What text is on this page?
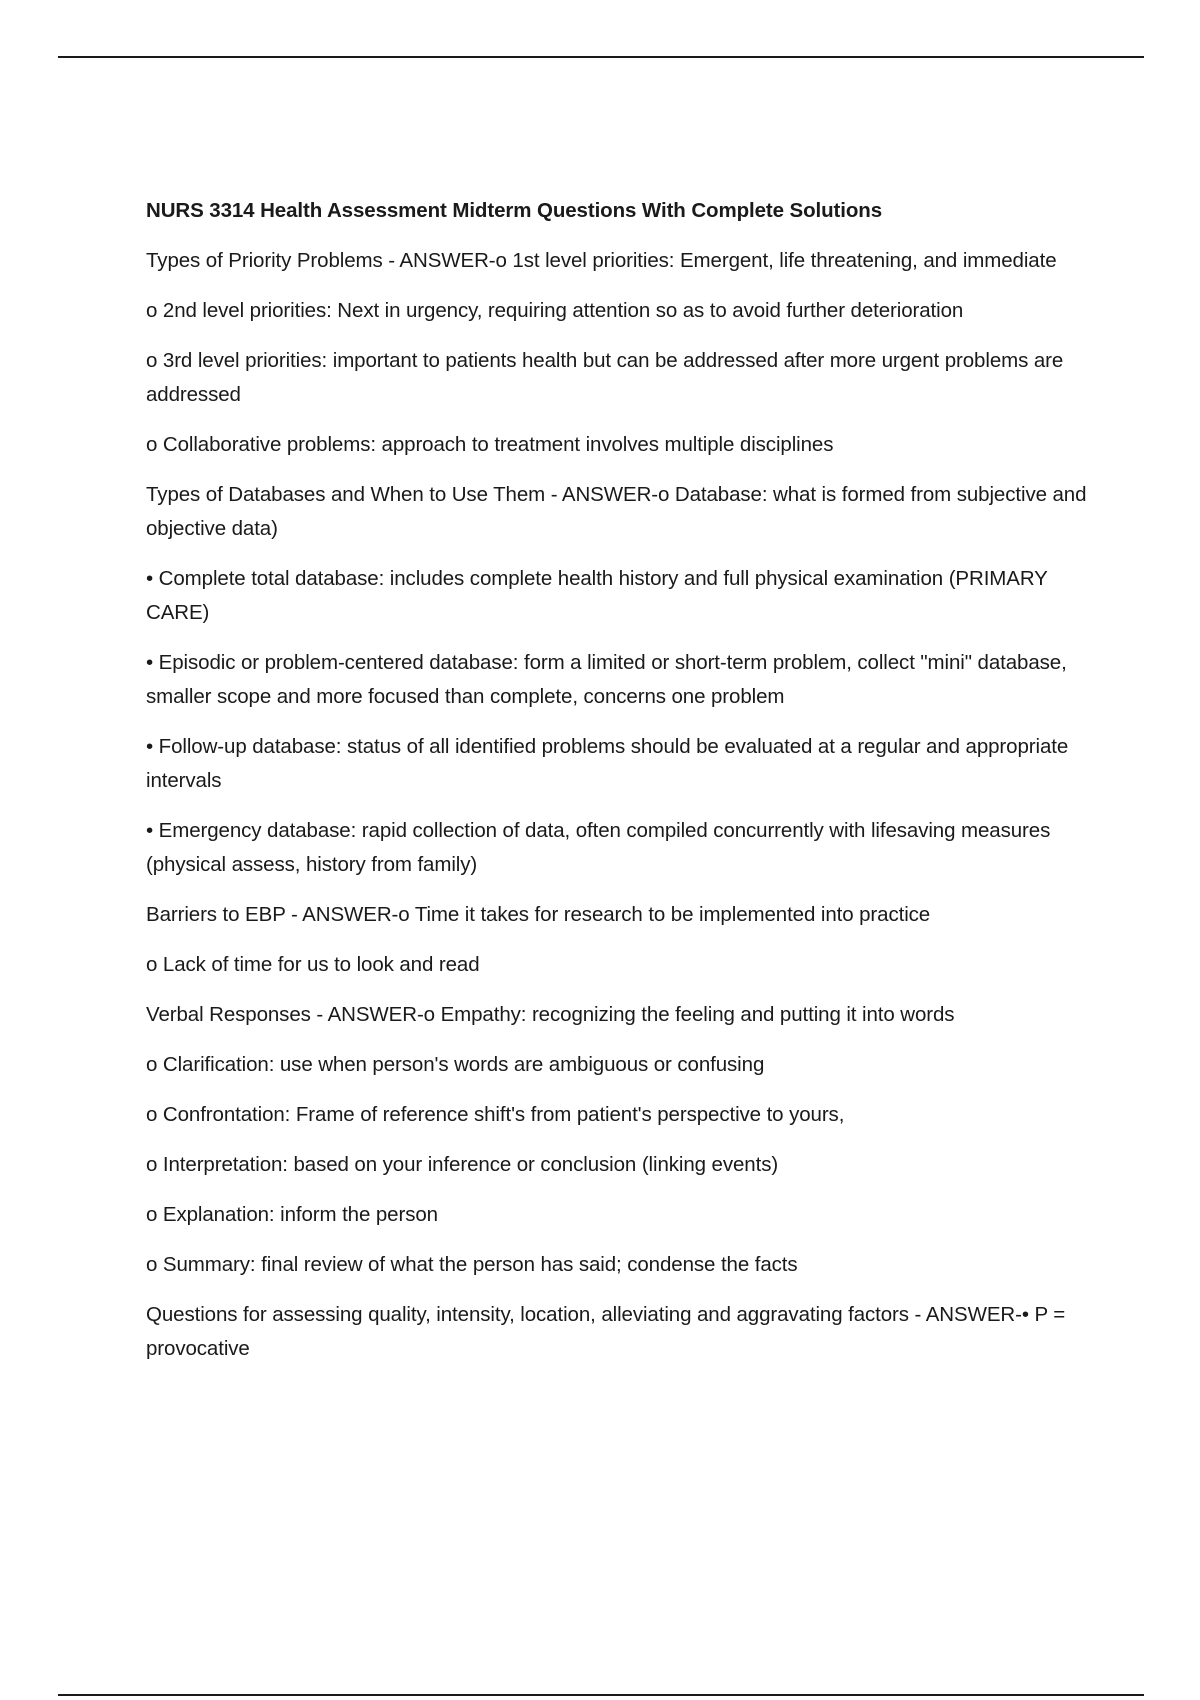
NURS 3314 Health Assessment Midterm Questions With Complete Solutions

Types of Priority Problems - ANSWER-o 1st level priorities: Emergent, life threatening, and immediate

o 2nd level priorities: Next in urgency, requiring attention so as to avoid further deterioration

o 3rd level priorities: important to patients health but can be addressed after more urgent problems are addressed

o Collaborative problems: approach to treatment involves multiple disciplines

Types of Databases and When to Use Them - ANSWER-o Database: what is formed from subjective and objective data)

• Complete total database: includes complete health history and full physical examination (PRIMARY CARE)

• Episodic or problem-centered database: form a limited or short-term problem, collect "mini" database, smaller scope and more focused than complete, concerns one problem

• Follow-up database: status of all identified problems should be evaluated at a regular and appropriate intervals

• Emergency database: rapid collection of data, often compiled concurrently with lifesaving measures (physical assess, history from family)

Barriers to EBP - ANSWER-o Time it takes for research to be implemented into practice

o Lack of time for us to look and read

Verbal Responses - ANSWER-o Empathy: recognizing the feeling and putting it into words

o Clarification: use when person's words are ambiguous or confusing

o Confrontation: Frame of reference shift's from patient's perspective to yours,

o Interpretation: based on your inference or conclusion (linking events)

o Explanation: inform the person

o Summary: final review of what the person has said; condense the facts

Questions for assessing quality, intensity, location, alleviating and aggravating factors - ANSWER-• P = provocative
